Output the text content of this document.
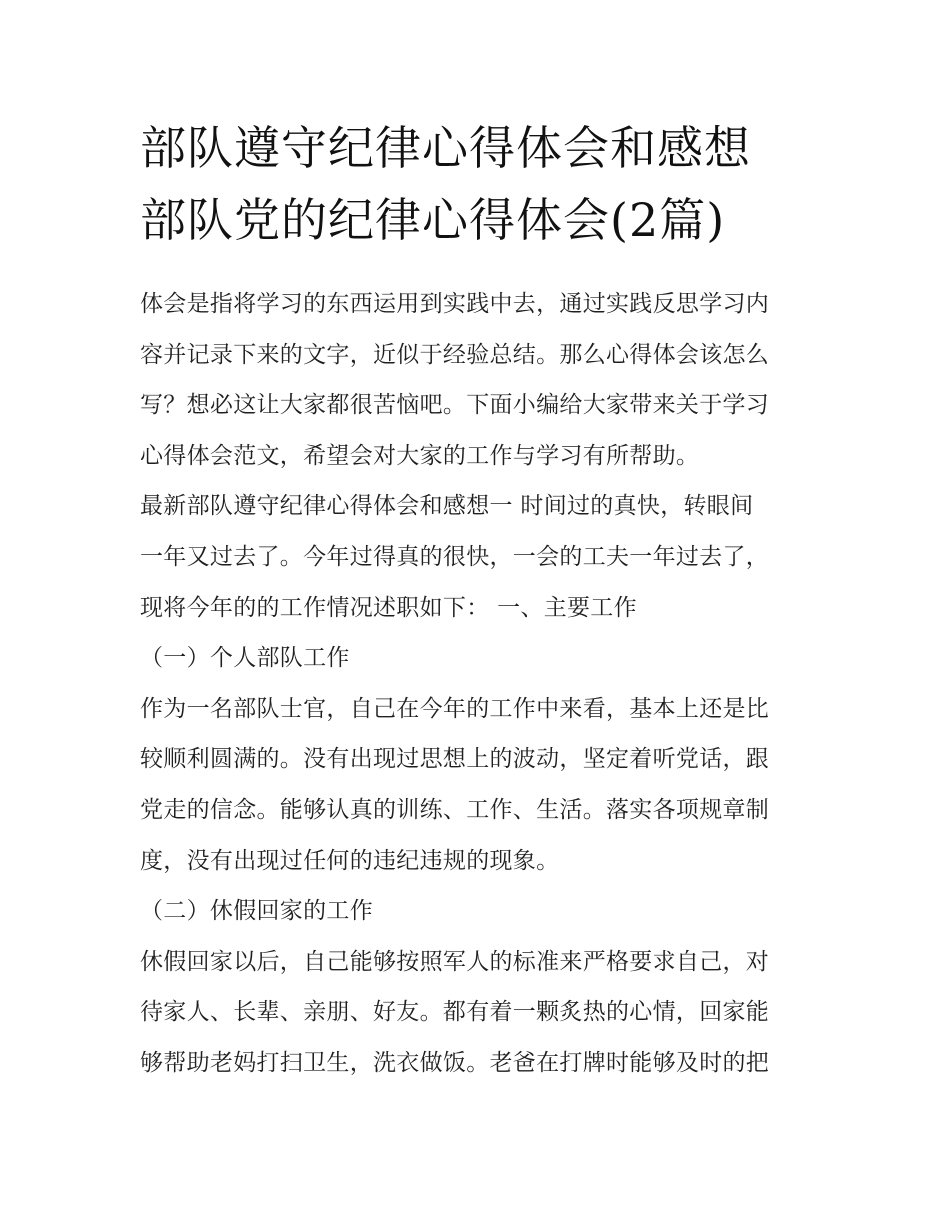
部队遵守纪律心得体会和感想
部队党的纪律心得体会(2篇)
体会是指将学习的东西运用到实践中去，通过实践反思学习内
容并记录下来的文字，近似于经验总结。那么心得体会该怎么
写？想必这让大家都很苦恼吧。下面小编给大家带来关于学习
心得体会范文，希望会对大家的工作与学习有所帮助。
最新部队遵守纪律心得体会和感想一 时间过的真快，转眼间
一年又过去了。今年过得真的很快，一会的工夫一年过去了，
现将今年的的工作情况述职如下： 一、主要工作
（一）个人部队工作
作为一名部队士官，自己在今年的工作中来看，基本上还是比
较顺利圆满的。没有出现过思想上的波动，坚定着听党话，跟
党走的信念。能够认真的训练、工作、生活。落实各项规章制
度，没有出现过任何的违纪违规的现象。
（二）休假回家的工作
休假回家以后，自己能够按照军人的标准来严格要求自己，对
待家人、长辈、亲朋、好友。都有着一颗炙热的心情，回家能
够帮助老妈打扫卫生，洗衣做饭。老爸在打牌时能够及时的把
